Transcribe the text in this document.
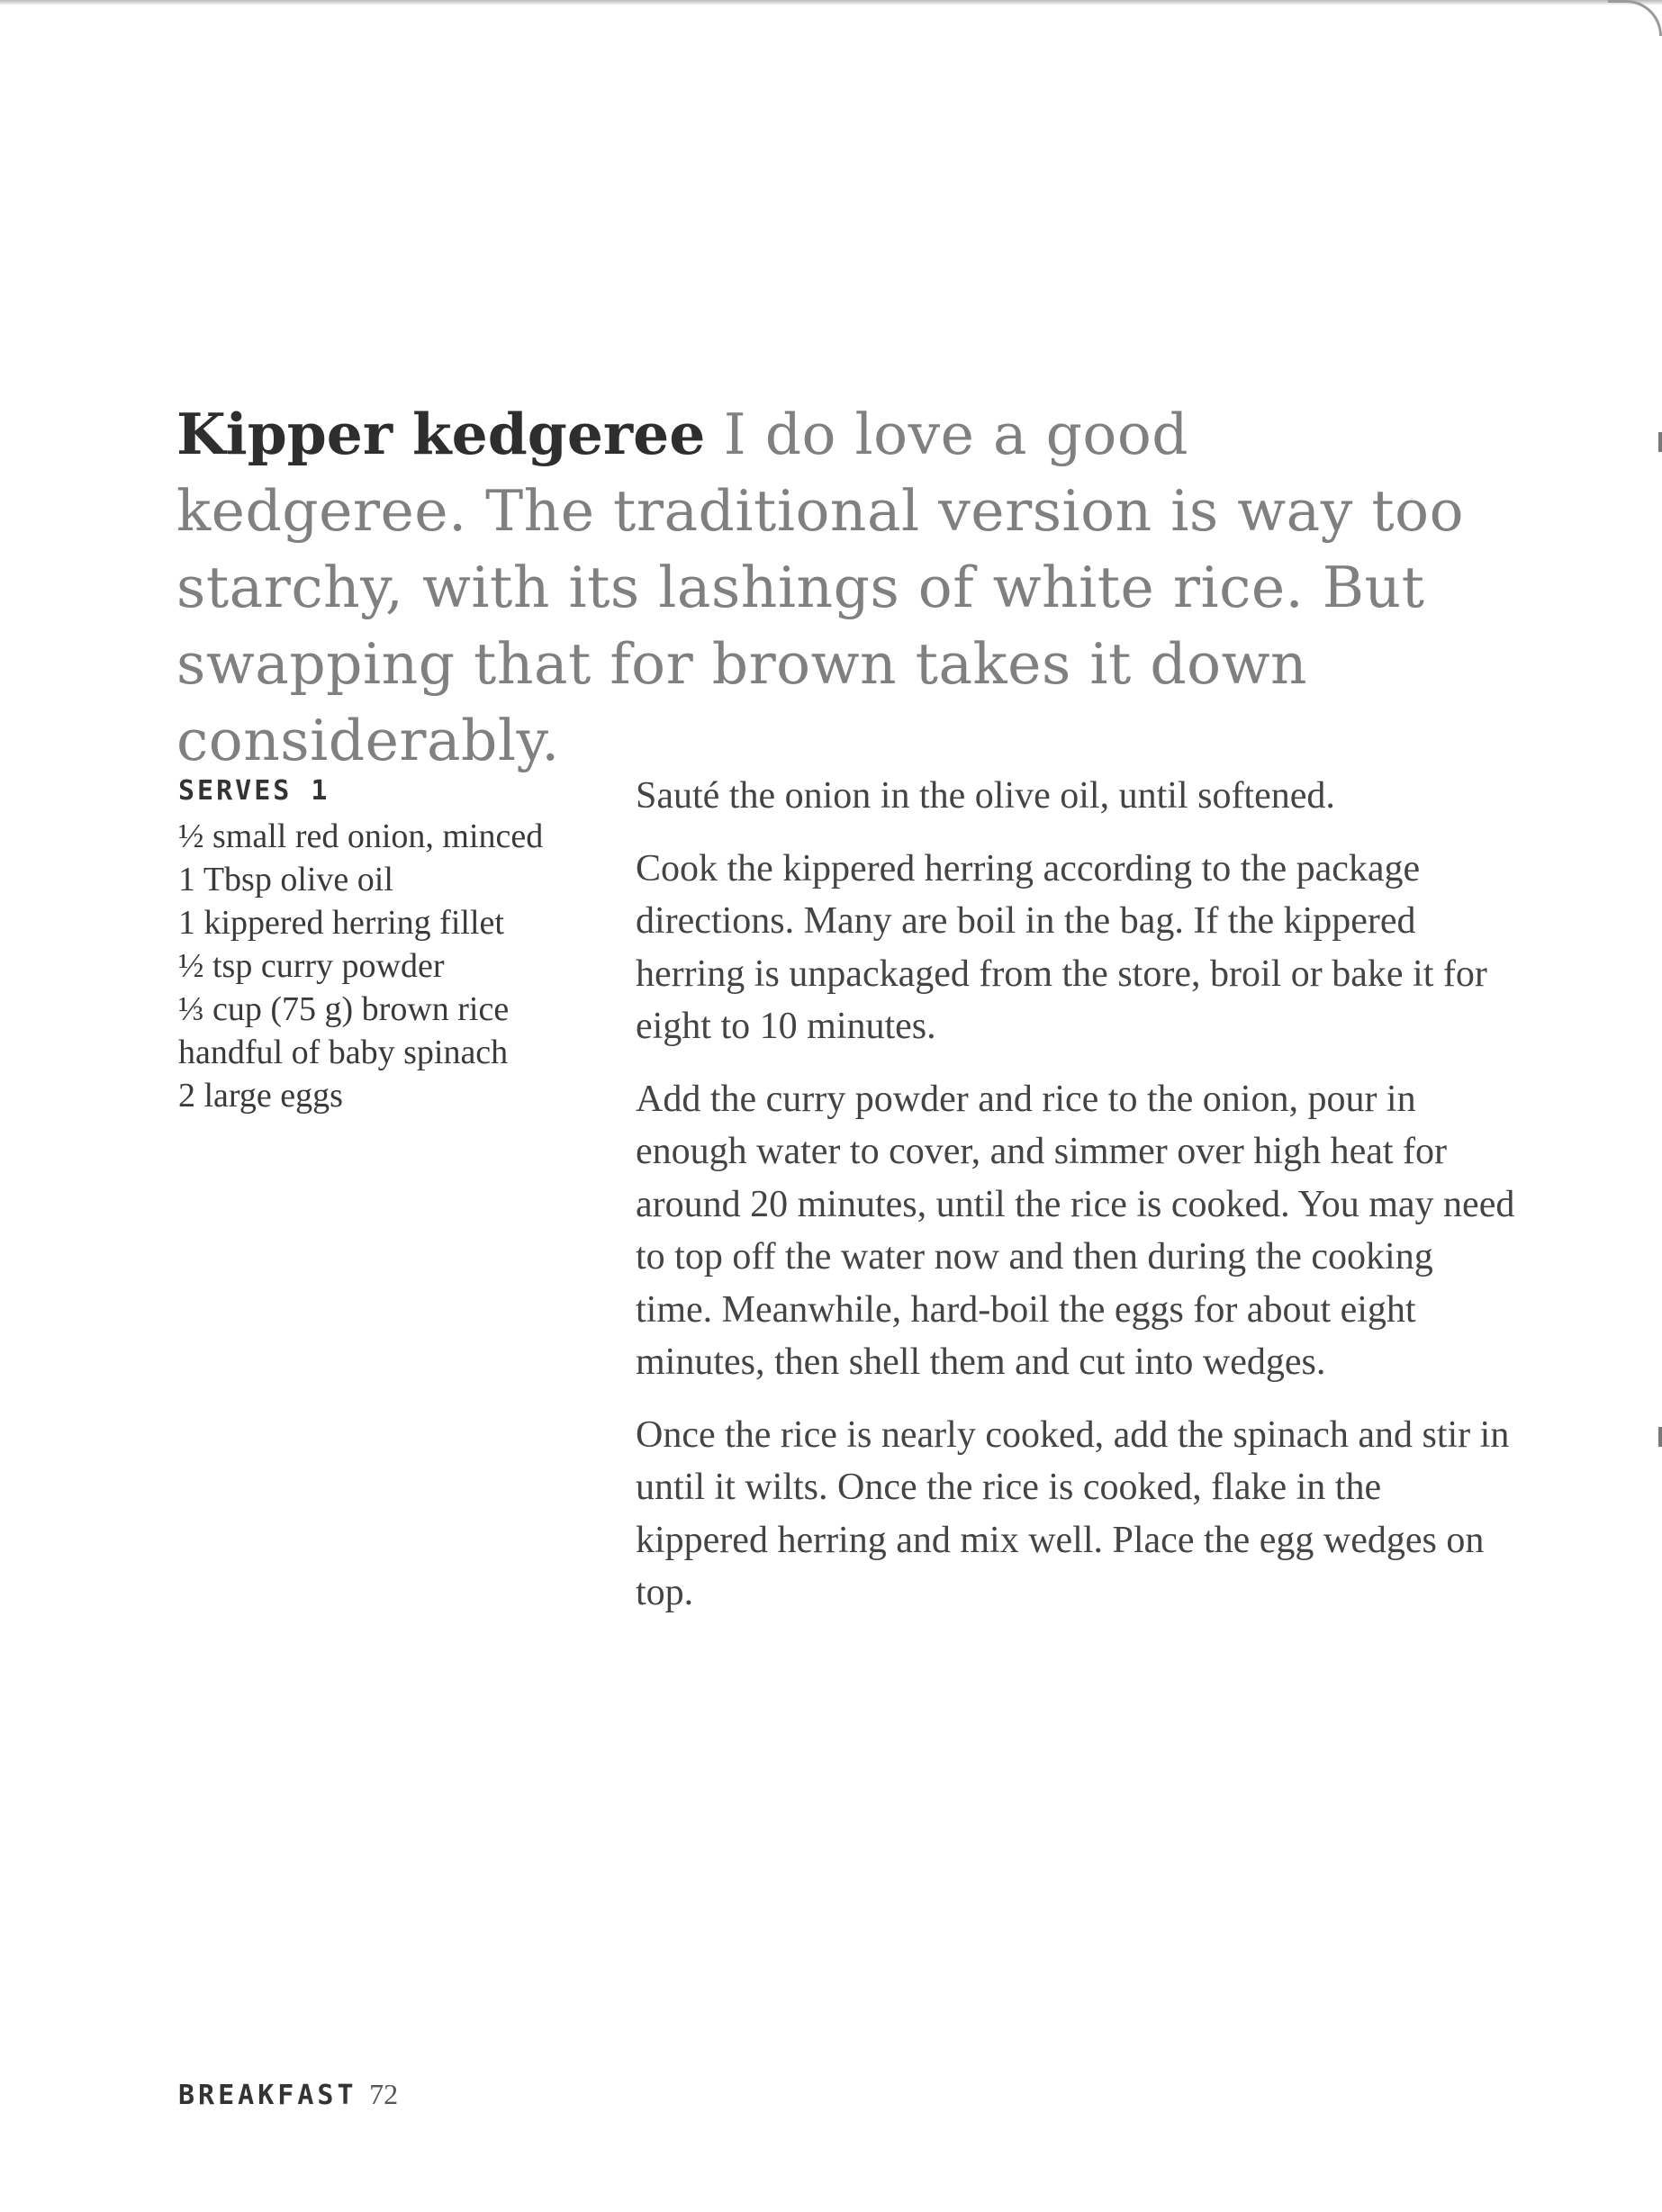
Kipper kedgeree I do love a good kedgeree. The traditional version is way too starchy, with its lashings of white rice. But swapping that for brown takes it down considerably.
SERVES 1
½ small red onion, minced
1 Tbsp olive oil
1 kippered herring fillet
½ tsp curry powder
⅓ cup (75 g) brown rice
handful of baby spinach
2 large eggs

Sauté the onion in the olive oil, until softened.

Cook the kippered herring according to the package directions. Many are boil in the bag. If the kippered herring is unpackaged from the store, broil or bake it for eight to 10 minutes.

Add the curry powder and rice to the onion, pour in enough water to cover, and simmer over high heat for around 20 minutes, until the rice is cooked. You may need to top off the water now and then during the cooking time. Meanwhile, hard-boil the eggs for about eight minutes, then shell them and cut into wedges.

Once the rice is nearly cooked, add the spinach and stir in until it wilts. Once the rice is cooked, flake in the kippered herring and mix well. Place the egg wedges on top.

BREAKFAST 72
